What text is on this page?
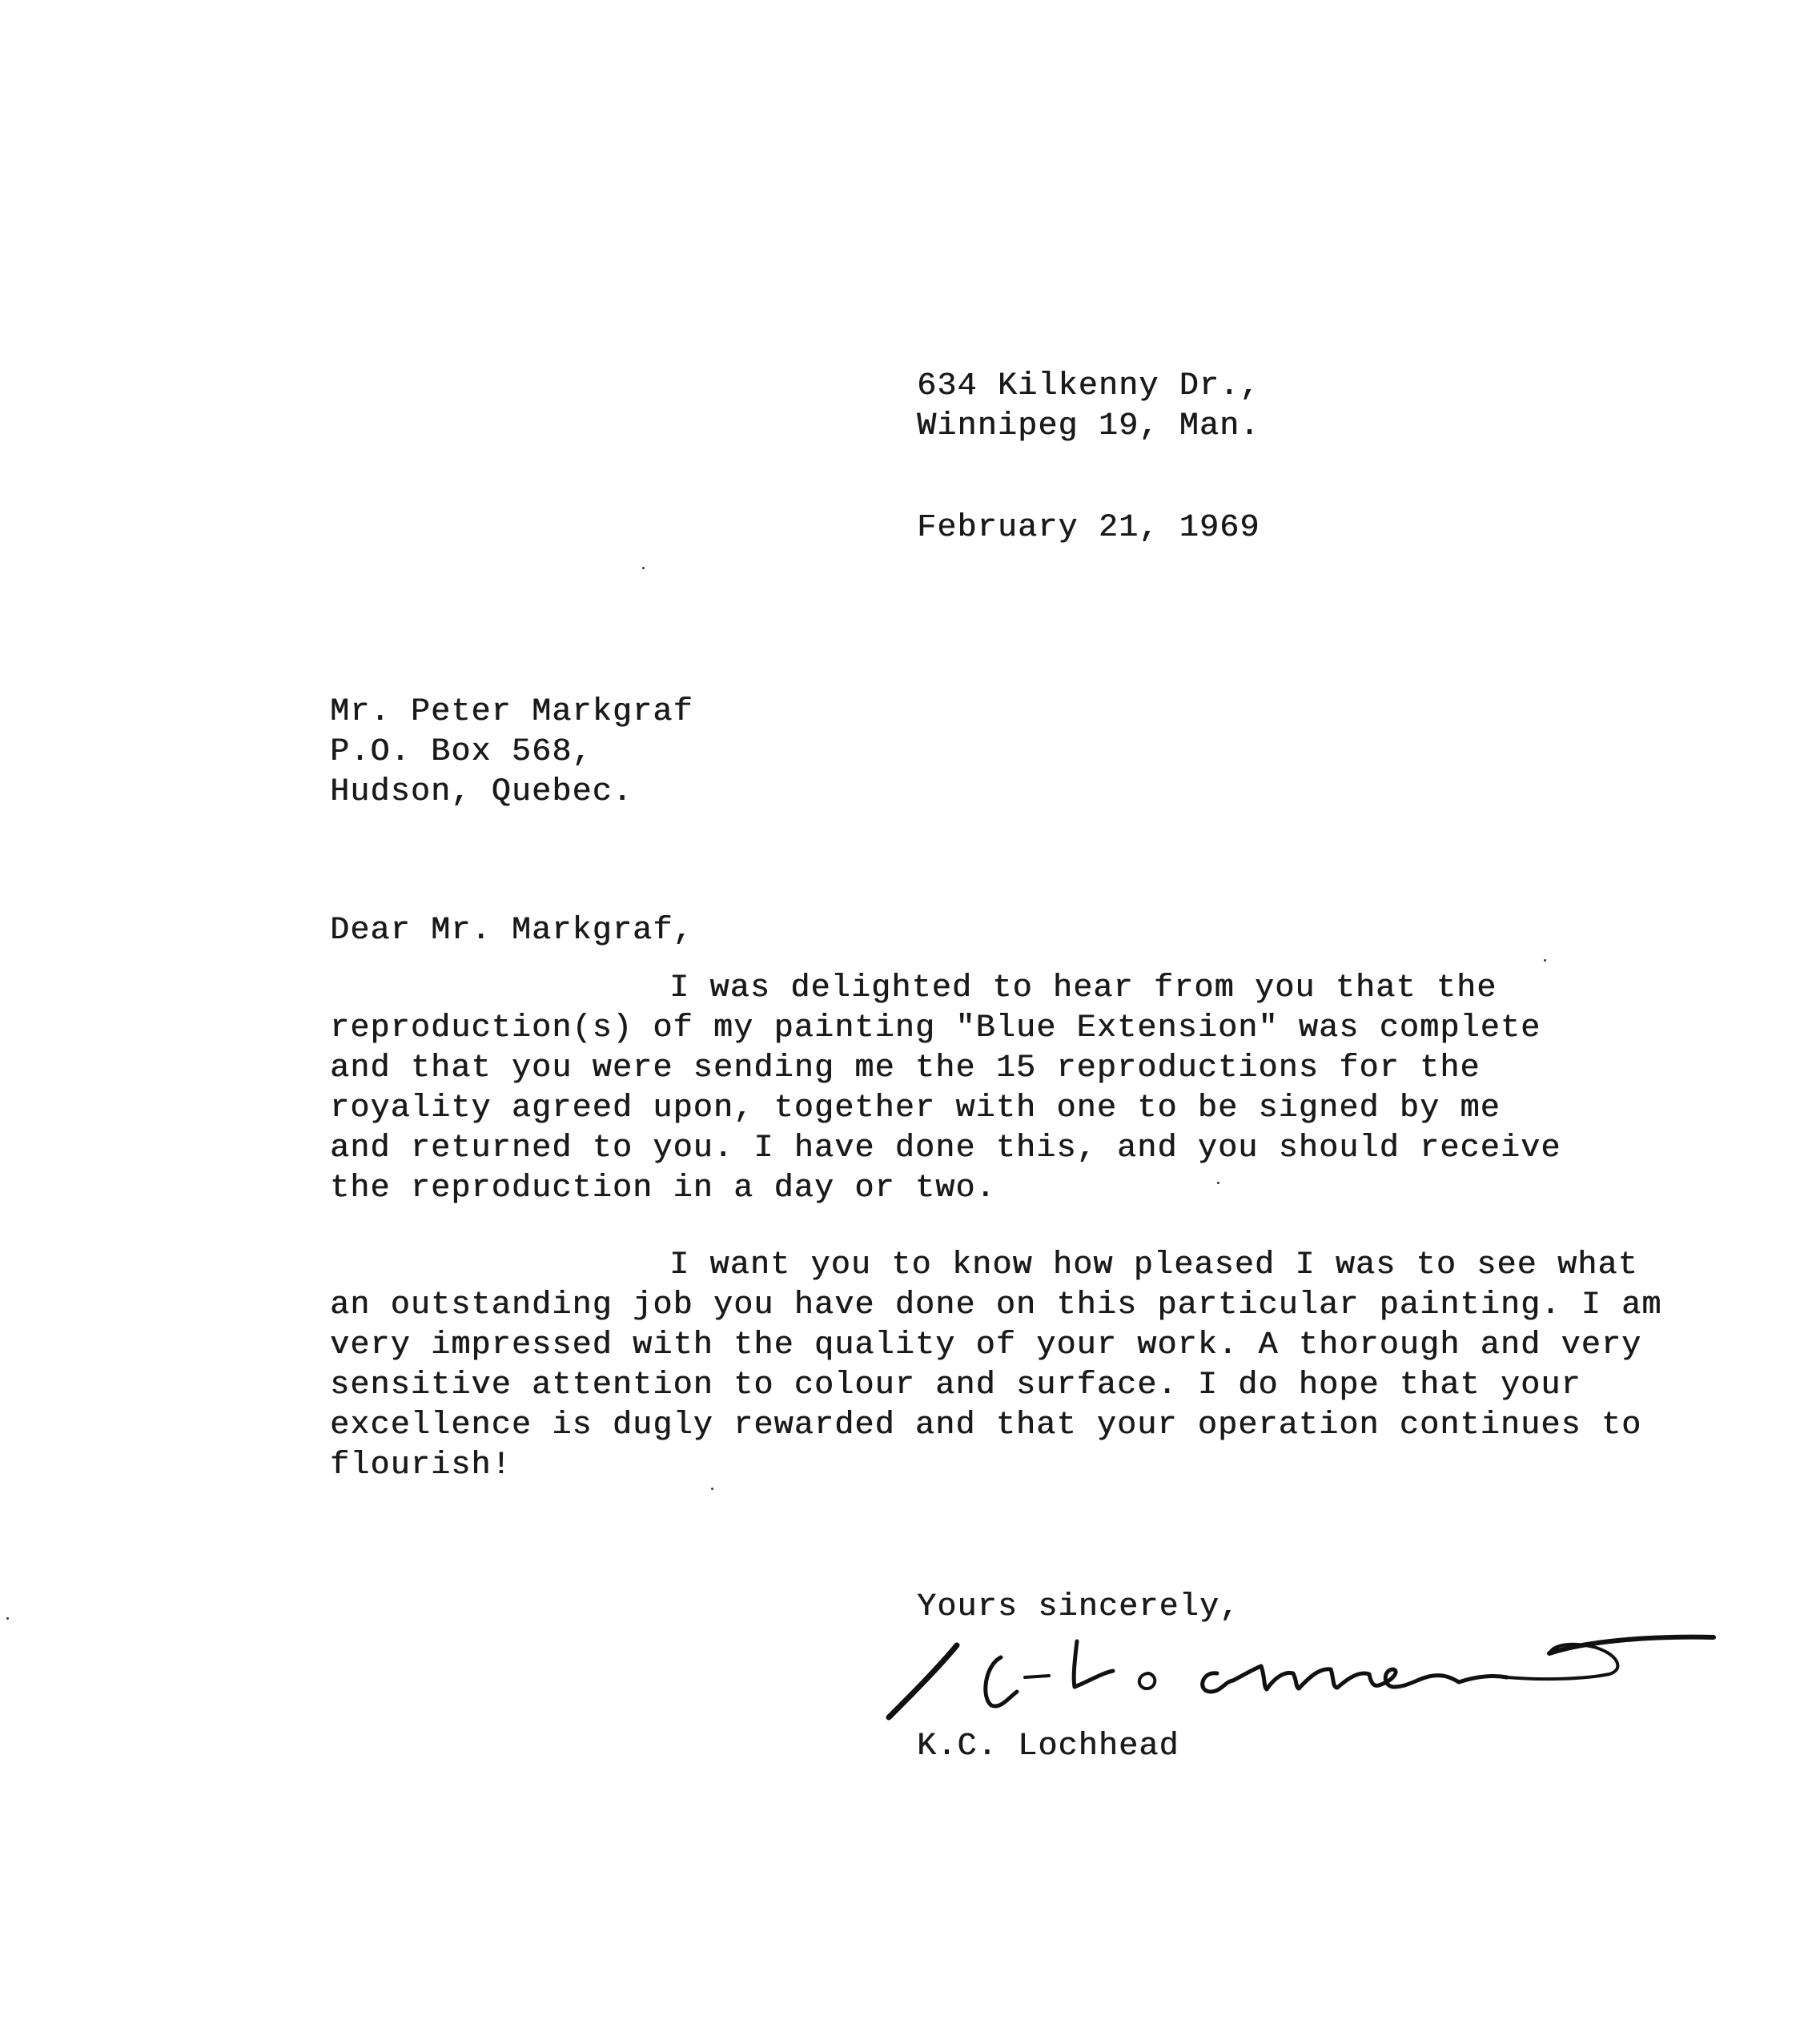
634 Kilkenny Dr.,
Winnipeg 19, Man.
February 21, 1969
Mr. Peter Markgraf
P.O. Box 568,
Hudson, Quebec.
Dear Mr. Markgraf,
I was delighted to hear from you that the
reproduction(s) of my painting "Blue Extension" was complete
and that you were sending me the 15 reproductions for the
royality agreed upon, together with one to be signed by me
and returned to you. I have done this, and you should receive
the reproduction in a day or two.
I want you to know how pleased I was to see what
an outstanding job you have done on this particular painting. I am
very impressed with the quality of your work. A thorough and very
sensitive attention to colour and surface. I do hope that your
excellence is dugly rewarded and that your operation continues to
flourish!
Yours sincerely,
K.C. Lochhead
